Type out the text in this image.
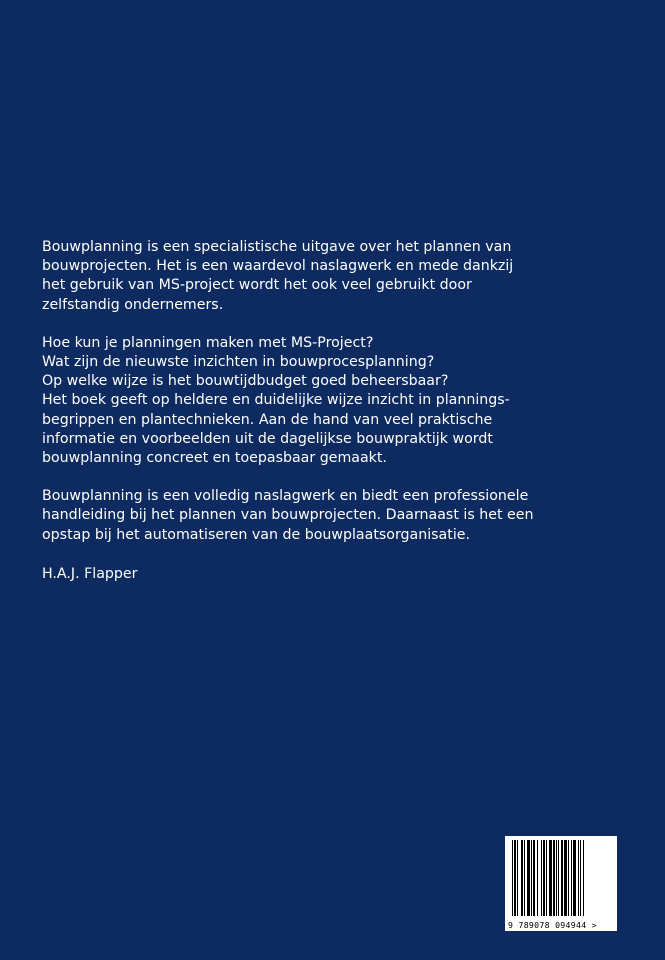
Bouwplanning is een specialistische uitgave over het plannen van
bouwprojecten. Het is een waardevol naslagwerk en mede dankzij
het gebruik van MS-project wordt het ook veel gebruikt door
zelfstandig ondernemers.
Hoe kun je planningen maken met MS-Project?
Wat zijn de nieuwste inzichten in bouwprocesplanning?
Op welke wijze is het bouwtijdbudget goed beheersbaar?
Het boek geeft op heldere en duidelijke wijze inzicht in plannings-
begrippen en plantechnieken. Aan de hand van veel praktische
informatie en voorbeelden uit de dagelijkse bouwpraktijk wordt
bouwplanning concreet en toepasbaar gemaakt.
Bouwplanning is een volledig naslagwerk en biedt een professionele
handleiding bij het plannen van bouwprojecten. Daarnaast is het een
opstap bij het automatiseren van de bouwplaatsorganisatie.
H.A.J. Flapper
9 789078 094944 >
